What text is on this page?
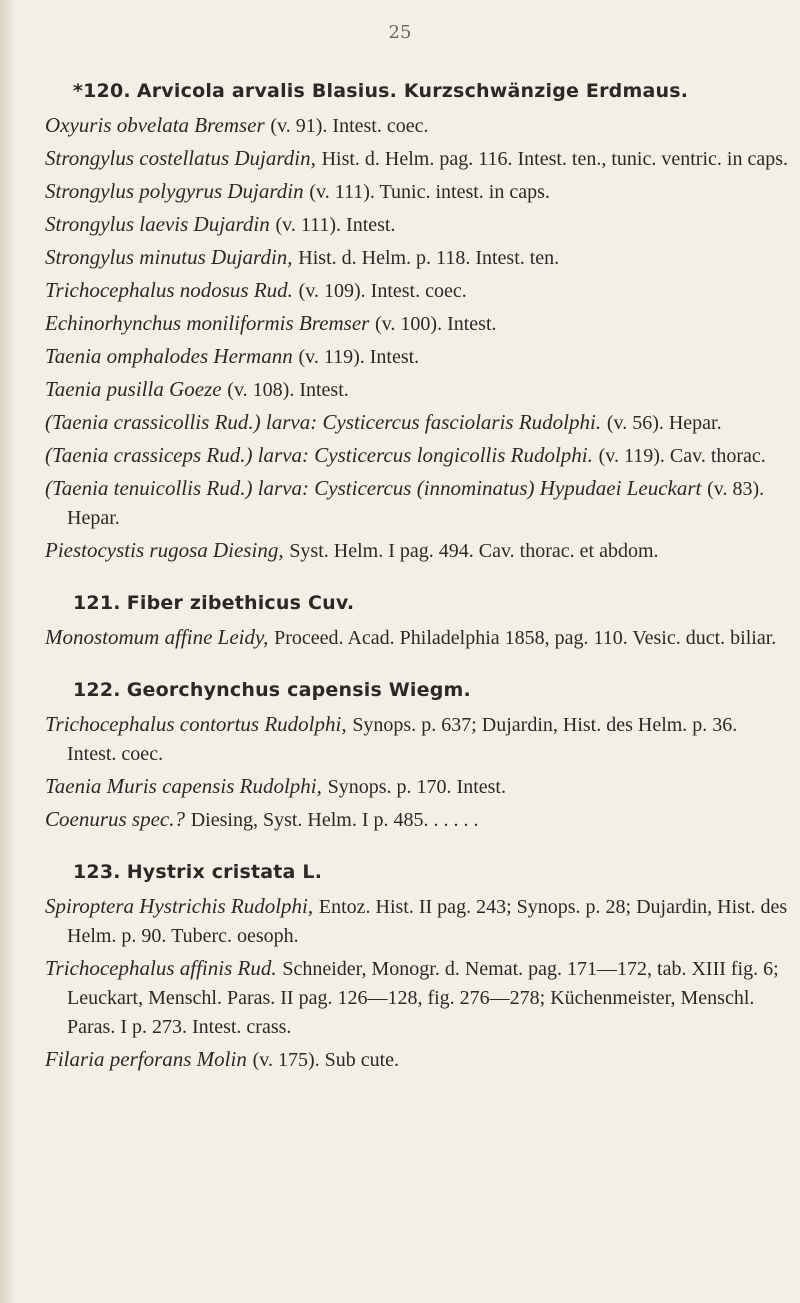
25
*120. Arvicola arvalis Blasius. Kurzschwänzige Erdmaus.

Oxyuris obvelata Bremser (v. 91). Intest. coec.

Strongylus costellatus Dujardin, Hist. d. Helm. pag. 116. Intest. ten., tunic. ventric. in caps.

Strongylus polygyrus Dujardin (v. 111). Tunic. intest. in caps.

Strongylus laevis Dujardin (v. 111). Intest.

Strongylus minutus Dujardin, Hist. d. Helm. p. 118. Intest. ten.

Trichocephalus nodosus Rud. (v. 109). Intest. coec.

Echinorhynchus moniliformis Bremser (v. 100). Intest.

Taenia omphalodes Hermann (v. 119). Intest.

Taenia pusilla Goeze (v. 108). Intest.

(Taenia crassicollis Rud.) larva: Cysticercus fasciolaris Rudolphi. (v. 56). Hepar.

(Taenia crassiceps Rud.) larva: Cysticercus longicollis Rudolphi. (v. 119). Cav. thorac.

(Taenia tenuicollis Rud.) larva: Cysticercus (innominatus) Hypudaei Leuckart (v. 83). Hepar.

Piestocystis rugosa Diesing, Syst. Helm. I pag. 494. Cav. thorac. et abdom.

121. Fiber zibethicus Cuv.

Monostomum affine Leidy, Proceed. Acad. Philadelphia 1858, pag. 110. Vesic. duct. biliar.

122. Georchynchus capensis Wiegm.

Trichocephalus contortus Rudolphi, Synops. p. 637; Dujardin, Hist. des Helm. p. 36. Intest. coec.

Taenia Muris capensis Rudolphi, Synops. p. 170. Intest.

Coenurus spec.? Diesing, Syst. Helm. I p. 485. . . . . .

123. Hystrix cristata L.

Spiroptera Hystrichis Rudolphi, Entoz. Hist. II pag. 243; Synops. p. 28; Dujardin, Hist. des Helm. p. 90. Tuberc. oesoph.

Trichocephalus affinis Rud. Schneider, Monogr. d. Nemat. pag. 171—172, tab. XIII fig. 6; Leuckart, Menschl. Paras. II pag. 126—128, fig. 276—278; Küchenmeister, Menschl. Paras. I p. 273. Intest. crass.

Filaria perforans Molin (v. 175). Sub cute.
